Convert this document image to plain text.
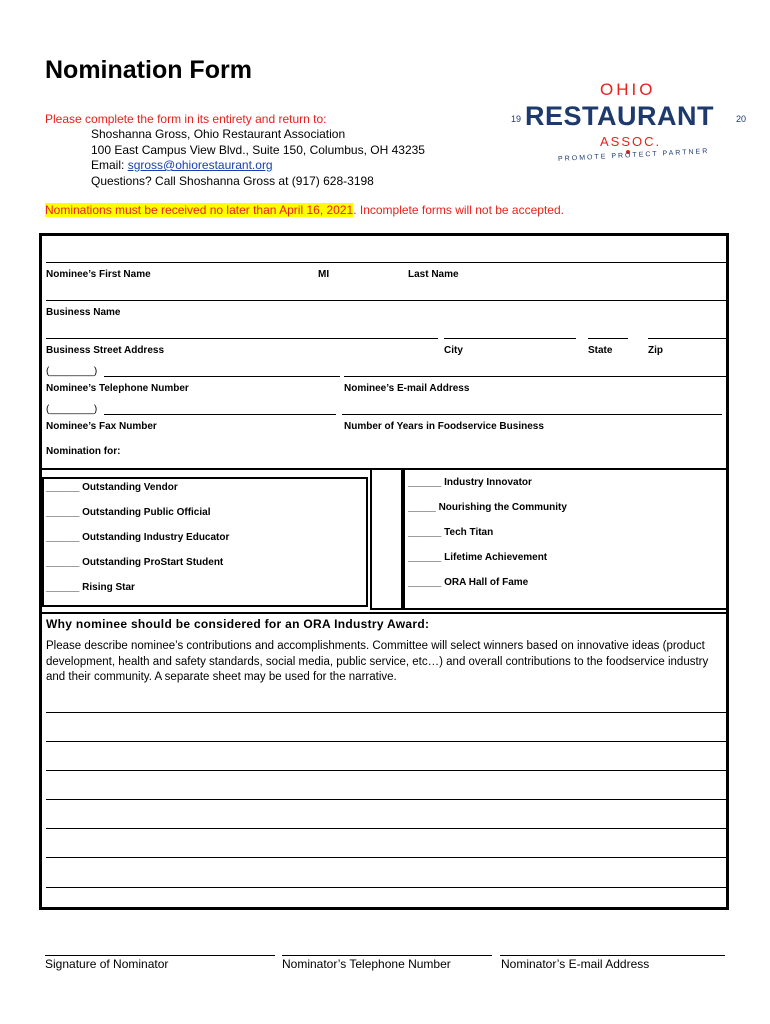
Nomination Form
Please complete the form in its entirety and return to:
Shoshanna Gross, Ohio Restaurant Association
100 East Campus View Blvd., Suite 150, Columbus, OH 43235
Email: sgross@ohiorestaurant.org
Questions? Call Shoshanna Gross at (917) 628-3198
Nominations must be received no later than April 16, 2021. Incomplete forms will not be accepted.
OHIO
19 RESTAURANT 20
ASSOC.
PROMOTE PROTECT PARTNER
Nominee’s First Name	MI	Last Name
Business Name
Business Street Address	City	State	Zip
(________)
Nominee’s Telephone Number	Nominee’s E-mail Address
(________)
Nominee’s Fax Number	Number of Years in Foodservice Business
Nomination for:
______ Outstanding Vendor
______ Outstanding Public Official
______ Outstanding Industry Educator
______ Outstanding ProStart Student
______ Rising Star
______ Industry Innovator
_____ Nourishing the Community
______ Tech Titan
______ Lifetime Achievement
______ ORA Hall of Fame
Why nominee should be considered for an ORA Industry Award:
Please describe nominee’s contributions and accomplishments. Committee will select winners based on innovative ideas (product development, health and safety standards, social media, public service, etc…) and overall contributions to the foodservice industry and their community. A separate sheet may be used for the narrative.
Signature of Nominator	Nominator’s Telephone Number	Nominator’s E-mail Address
